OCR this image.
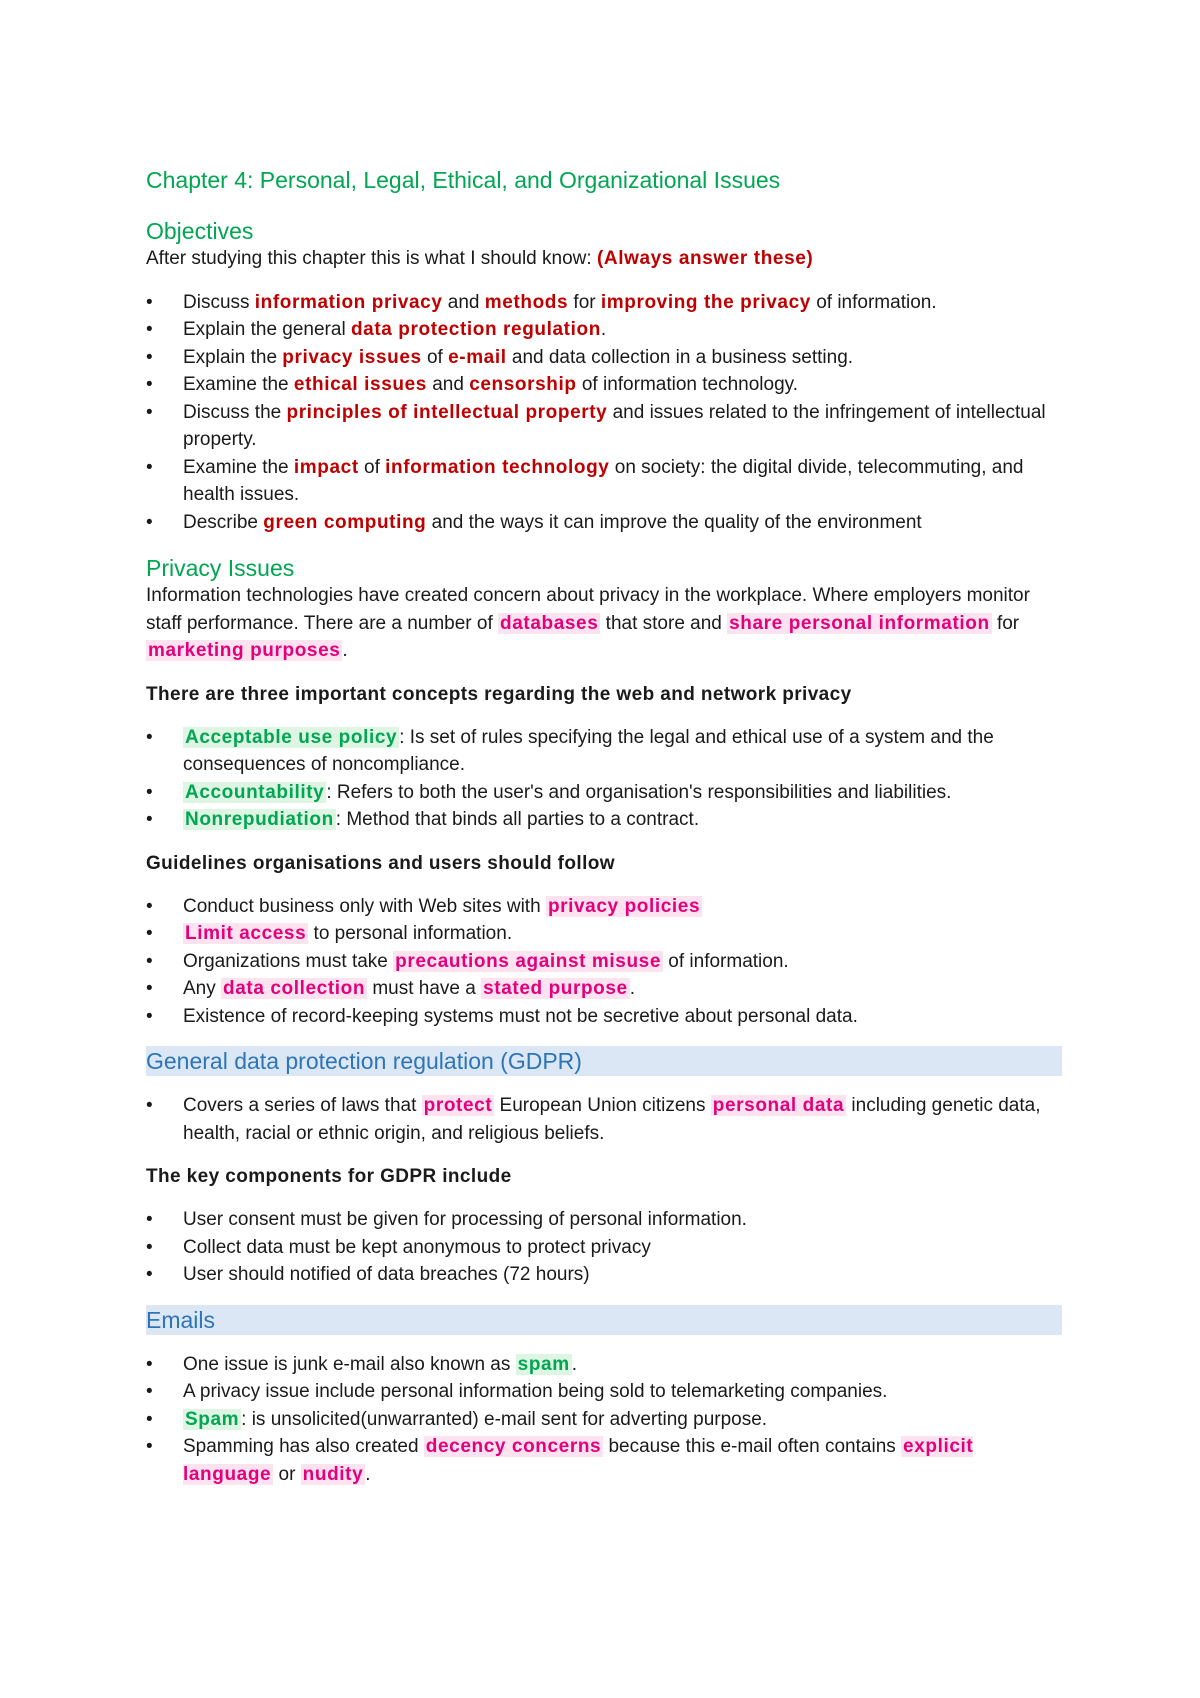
Chapter 4: Personal, Legal, Ethical, and Organizational Issues
Objectives

After studying this chapter this is what I should know: (Always answer these)

•	Discuss information privacy and methods for improving the privacy of information.
•	Explain the general data protection regulation.
•	Explain the privacy issues of e-mail and data collection in a business setting.
•	Examine the ethical issues and censorship of information technology.
•	Discuss the principles of intellectual property and issues related to the infringement of intellectual property.
•	Examine the impact of information technology on society: the digital divide, telecommuting, and health issues.
•	Describe green computing and the ways it can improve the quality of the environment
Privacy Issues

Information technologies have created concern about privacy in the workplace. Where employers monitor staff performance. There are a number of databases that store and share personal information for marketing purposes .

There are three important concepts regarding the web and network privacy
•	Acceptable use policy : Is set of rules specifying the legal and ethical use of a system and the consequences of noncompliance.
•	Accountability : Refers to both the user's and organisation's responsibilities and liabilities.
•	Nonrepudiation : Method that binds all parties to a contract.
Guidelines organisations and users should follow
•	Conduct business only with Web sites with privacy policies
•	Limit access to personal information.
•	Organizations must take precautions against misuse of information.
•	Any data collection must have a stated purpose .
•	Existence of record-keeping systems must not be secretive about personal data.
General data protection regulation (GDPR)
•	Covers a series of laws that protect European Union citizens personal data including genetic data, health, racial or ethnic origin, and religious beliefs.
The key components for GDPR include
•	User consent must be given for processing of personal information.
•	Collect data must be kept anonymous to protect privacy
•	User should notified of data breaches (72 hours)
Emails
•	One issue is junk e-mail also known as spam .
•	A privacy issue include personal information being sold to telemarketing companies.
•	Spam : is unsolicited(unwarranted) e-mail sent for adverting purpose.
•	Spamming has also created decency concerns because this e-mail often contains explicit language or nudity .
